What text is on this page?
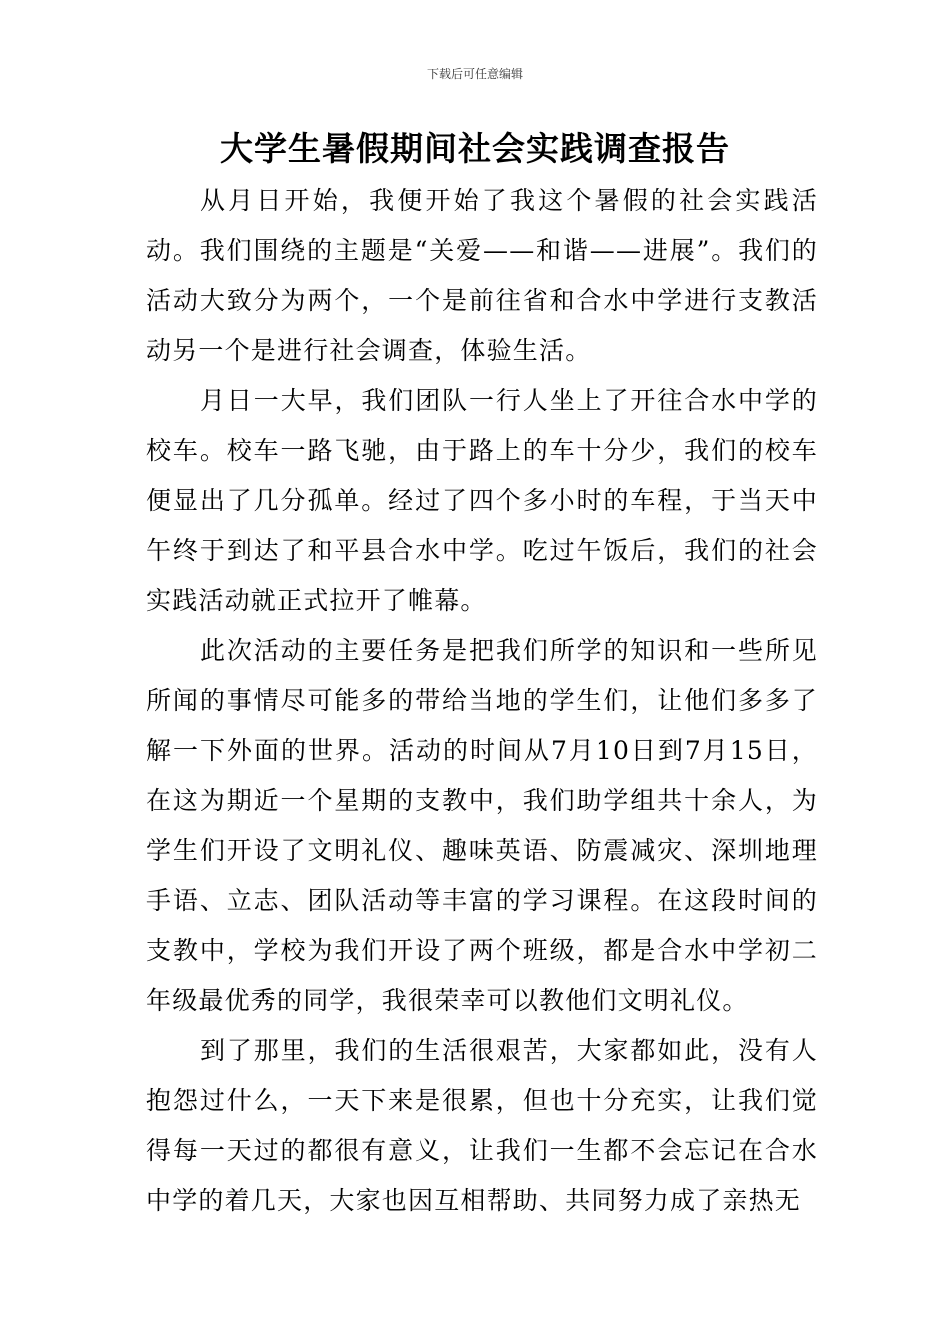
下载后可任意编辑
大学生暑假期间社会实践调查报告

从月日开始，我便开始了我这个暑假的社会实践活动。我们围绕的主题是“关爱——和谐——进展”。我们的活动大致分为两个，一个是前往省和合水中学进行支教活动另一个是进行社会调查，体验生活。

月日一大早，我们团队一行人坐上了开往合水中学的校车。校车一路飞驰，由于路上的车十分少，我们的校车便显出了几分孤单。经过了四个多小时的车程，于当天中午终于到达了和平县合水中学。吃过午饭后，我们的社会实践活动就正式拉开了帷幕。

此次活动的主要任务是把我们所学的知识和一些所见所闻的事情尽可能多的带给当地的学生们，让他们多多了解一下外面的世界。活动的时间从7月10日到7月15日，在这为期近一个星期的支教中，我们助学组共十余人，为学生们开设了文明礼仪、趣味英语、防震减灾、深圳地理手语、立志、团队活动等丰富的学习课程。在这段时间的支教中，学校为我们开设了两个班级，都是合水中学初二年级最优秀的同学，我很荣幸可以教他们文明礼仪。

到了那里，我们的生活很艰苦，大家都如此，没有人抱怨过什么，一天下来是很累，但也十分充实，让我们觉得每一天过的都很有意义，让我们一生都不会忘记在合水中学的着几天，大家也因互相帮助、共同努力成了亲热无
